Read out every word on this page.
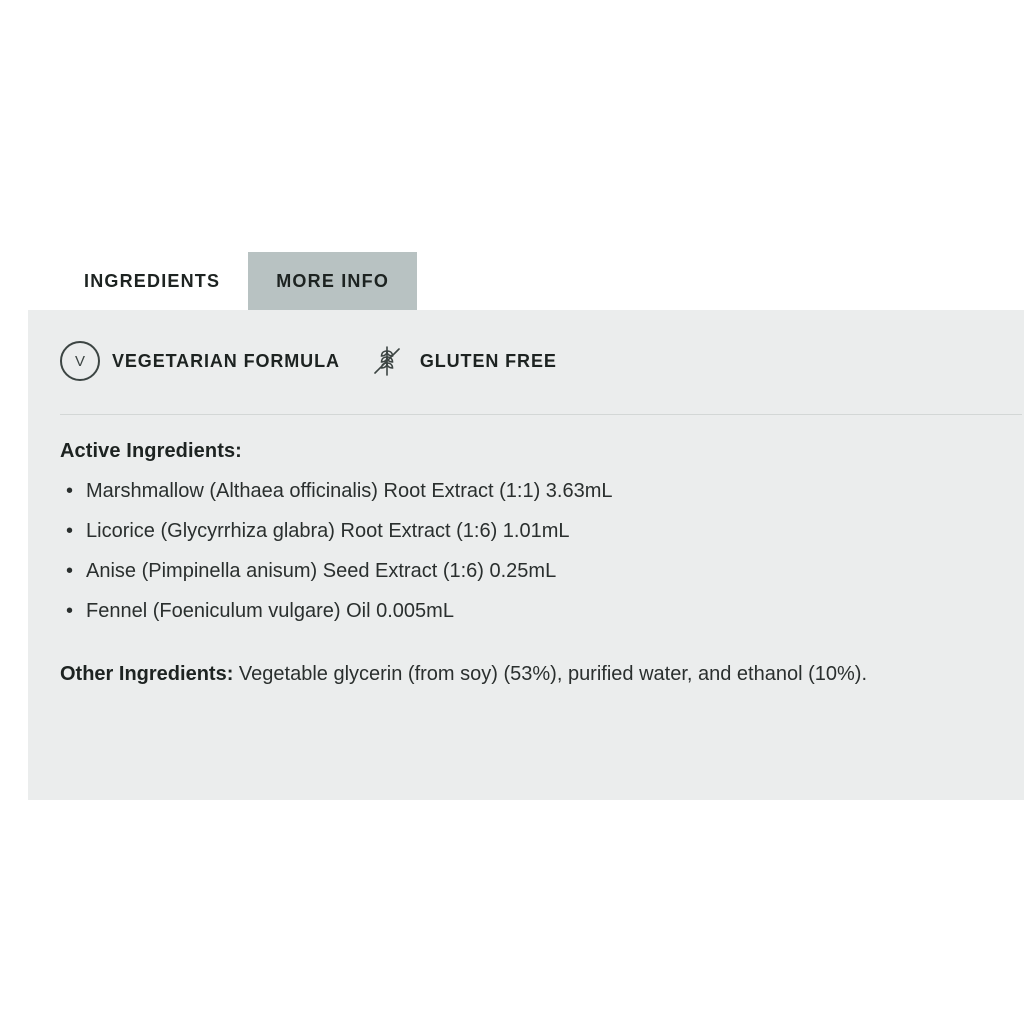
INGREDIENTS	MORE INFO
V VEGETARIAN FORMULA	GLUTEN FREE
Active Ingredients:
• Marshmallow (Althaea officinalis) Root Extract (1:1) 3.63mL
• Licorice (Glycyrrhiza glabra) Root Extract (1:6) 1.01mL
• Anise (Pimpinella anisum) Seed Extract (1:6) 0.25mL
• Fennel (Foeniculum vulgare) Oil 0.005mL
Other Ingredients: Vegetable glycerin (from soy) (53%), purified water, and ethanol (10%).
